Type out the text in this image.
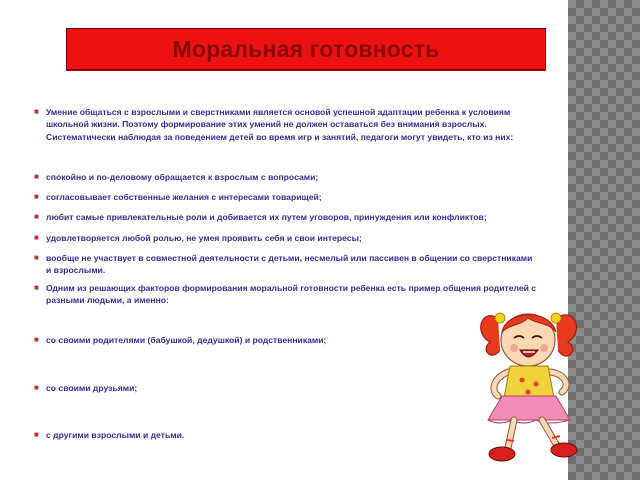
Моральная готовность
■ Умение общаться с взрослыми и сверстниками является основой успешной адаптации ребенка к условиям школьной жизни. Поэтому формирование этих умений не должен оставаться без внимания взрослых. Систематически наблюдая за поведением детей во время игр и занятий, педагоги могут увидеть, кто из них:
■ спокойно и по-деловому обращается к взрослым с вопросами;
■ согласовывает собственные желания с интересами товарищей;
■ любит самые привлекательные роли и добивается их путем уговоров, принуждения или конфликтов;
■ удовлетворяется любой ролью, не умея проявить себя и свои интересы;
■ вообще не участвует в совместной деятельности с детьми, несмелый или пассивен в общении со сверстниками и взрослыми.
■ Одним из решающих факторов формирования моральной готовности ребенка есть пример общения родителей с разными людьми, а именно:
■ со своими родителями (бабушкой, дедушкой) и родственниками;
■ со своими друзьями;
■ с другими взрослыми и детьми.
